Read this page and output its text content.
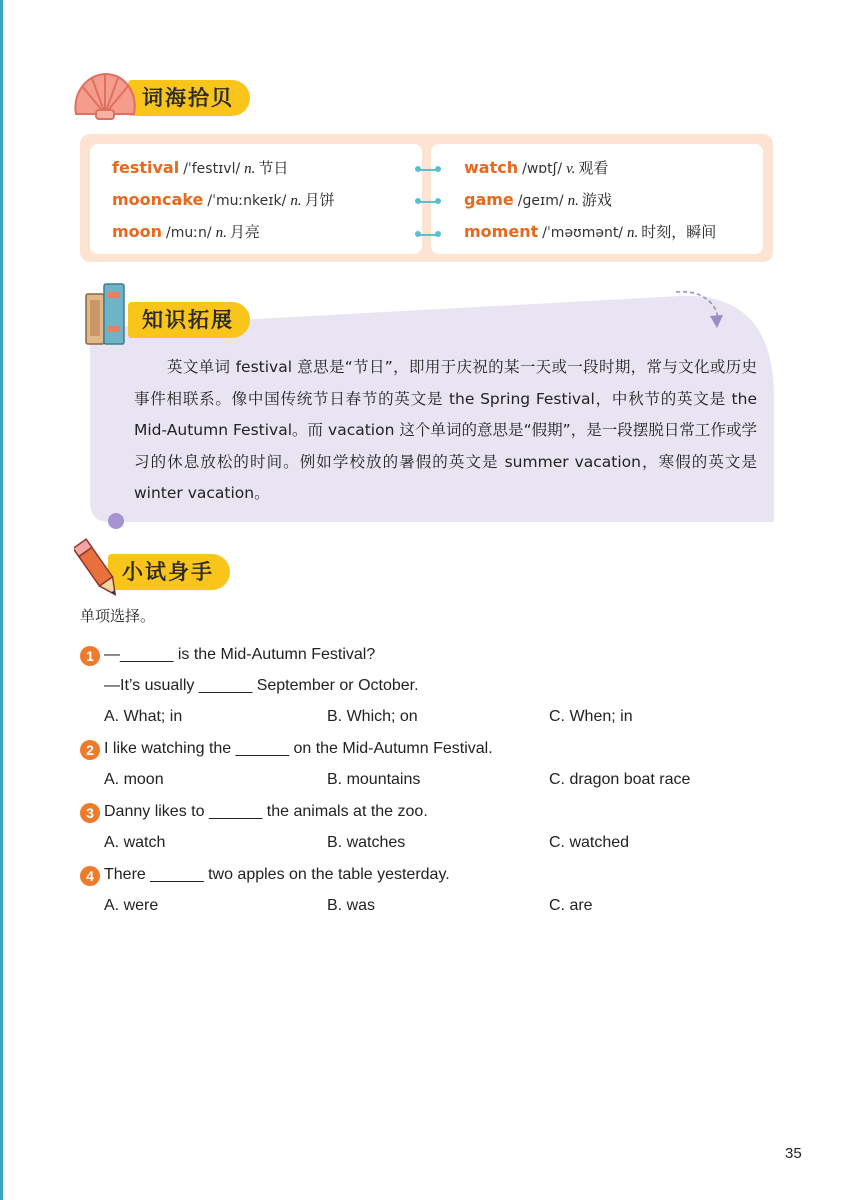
词海拾贝
festival /ˈfestɪvl/ n. 节日
mooncake /ˈmuːnkeɪk/ n. 月饼
moon /muːn/ n. 月亮
watch /wɒtʃ/ v. 观看
game /ɡeɪm/ n. 游戏
moment /ˈməʊmənt/ n. 时刻，瞬间
知识拓展
英文单词 festival 意思是“节日”，即用于庆祝的某一天或一段时期，常与文化或历史事件相联系。像中国传统节日春节的英文是 the Spring Festival，中秋节的英文是 the Mid-Autumn Festival。而 vacation 这个单词的意思是“假期”，是一段摆脱日常工作或学习的休息放松的时间。例如学校放的暑假的英文是 summer vacation，寒假的英文是 winter vacation。
小试身手
单项选择。
1 —______ is the Mid-Autumn Festival?
—It’s usually ______ September or October.
A. What; in	B. Which; on	C. When; in
2 I like watching the ______ on the Mid-Autumn Festival.
A. moon	B. mountains	C. dragon boat race
3 Danny likes to ______ the animals at the zoo.
A. watch	B. watches	C. watched
4 There ______ two apples on the table yesterday.
A. were	B. was	C. are
35
